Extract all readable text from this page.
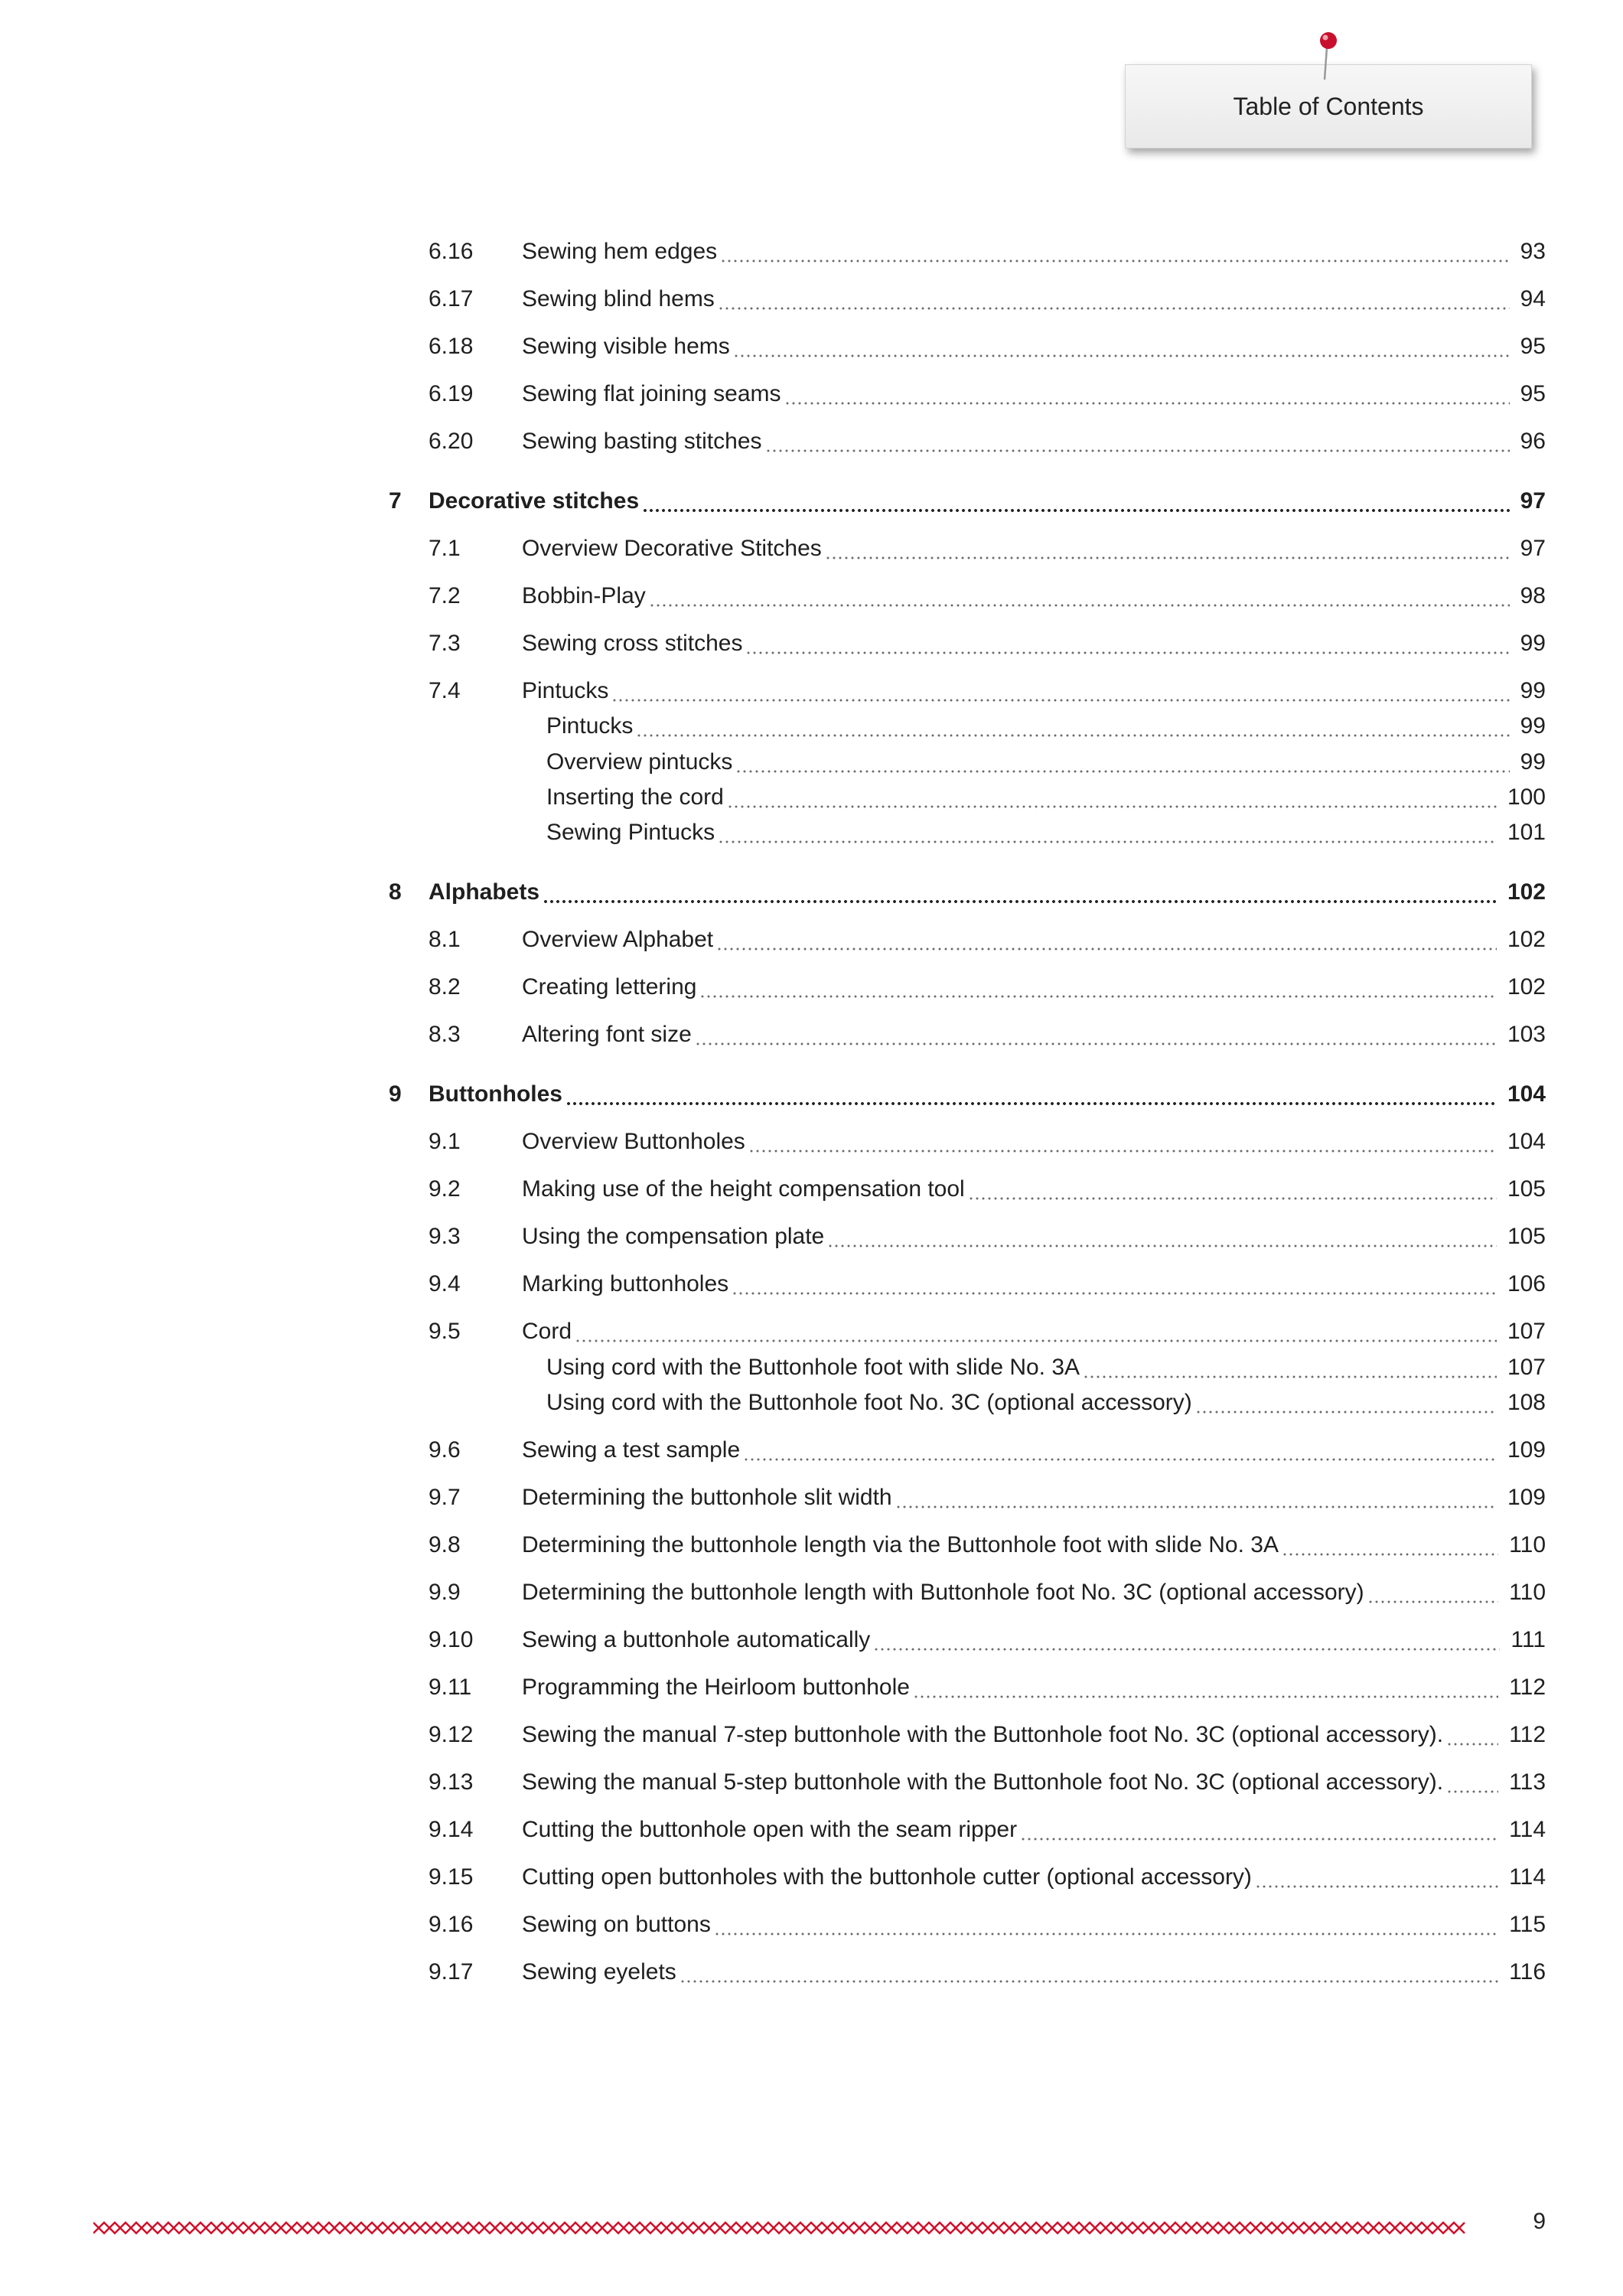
Table of Contents
6.16 Sewing hem edges	93
6.17 Sewing blind hems	94
6.18 Sewing visible hems	95
6.19 Sewing flat joining seams	95
6.20 Sewing basting stitches	96
7 Decorative stitches	97
7.1	Overview Decorative Stitches	97
7.2	Bobbin-Play	98
7.3	Sewing cross stitches	99
7.4	Pintucks	99
Pintucks	99
Overview pintucks	99
Inserting the cord	100
Sewing Pintucks	101
8 Alphabets	102
8.1	Overview Alphabet	102
8.2	Creating lettering	102
8.3	Altering font size	103
9 Buttonholes	104
9.1	Overview Buttonholes	104
9.2	Making use of the height compensation tool	105
9.3	Using the compensation plate	105
9.4	Marking buttonholes	106
9.5	Cord	107
Using cord with the Buttonhole foot with slide No. 3A	107
Using cord with the Buttonhole foot No. 3C (optional accessory)	108
9.6	Sewing a test sample	109
9.7	Determining the buttonhole slit width	109
9.8	Determining the buttonhole length via the Buttonhole foot with slide No. 3A	110
9.9	Determining the buttonhole length with Buttonhole foot No. 3C (optional accessory)	110
9.10 Sewing a buttonhole automatically	111
9.11 Programming the Heirloom buttonhole	112
9.12 Sewing the manual 7-step buttonhole with the Buttonhole foot No. 3C (optional accessory).	112
9.13 Sewing the manual 5-step buttonhole with the Buttonhole foot No. 3C (optional accessory).	113
9.14 Cutting the buttonhole open with the seam ripper	114
9.15 Cutting open buttonholes with the buttonhole cutter (optional accessory)	114
9.16 Sewing on buttons	115
9.17 Sewing eyelets	116
9
